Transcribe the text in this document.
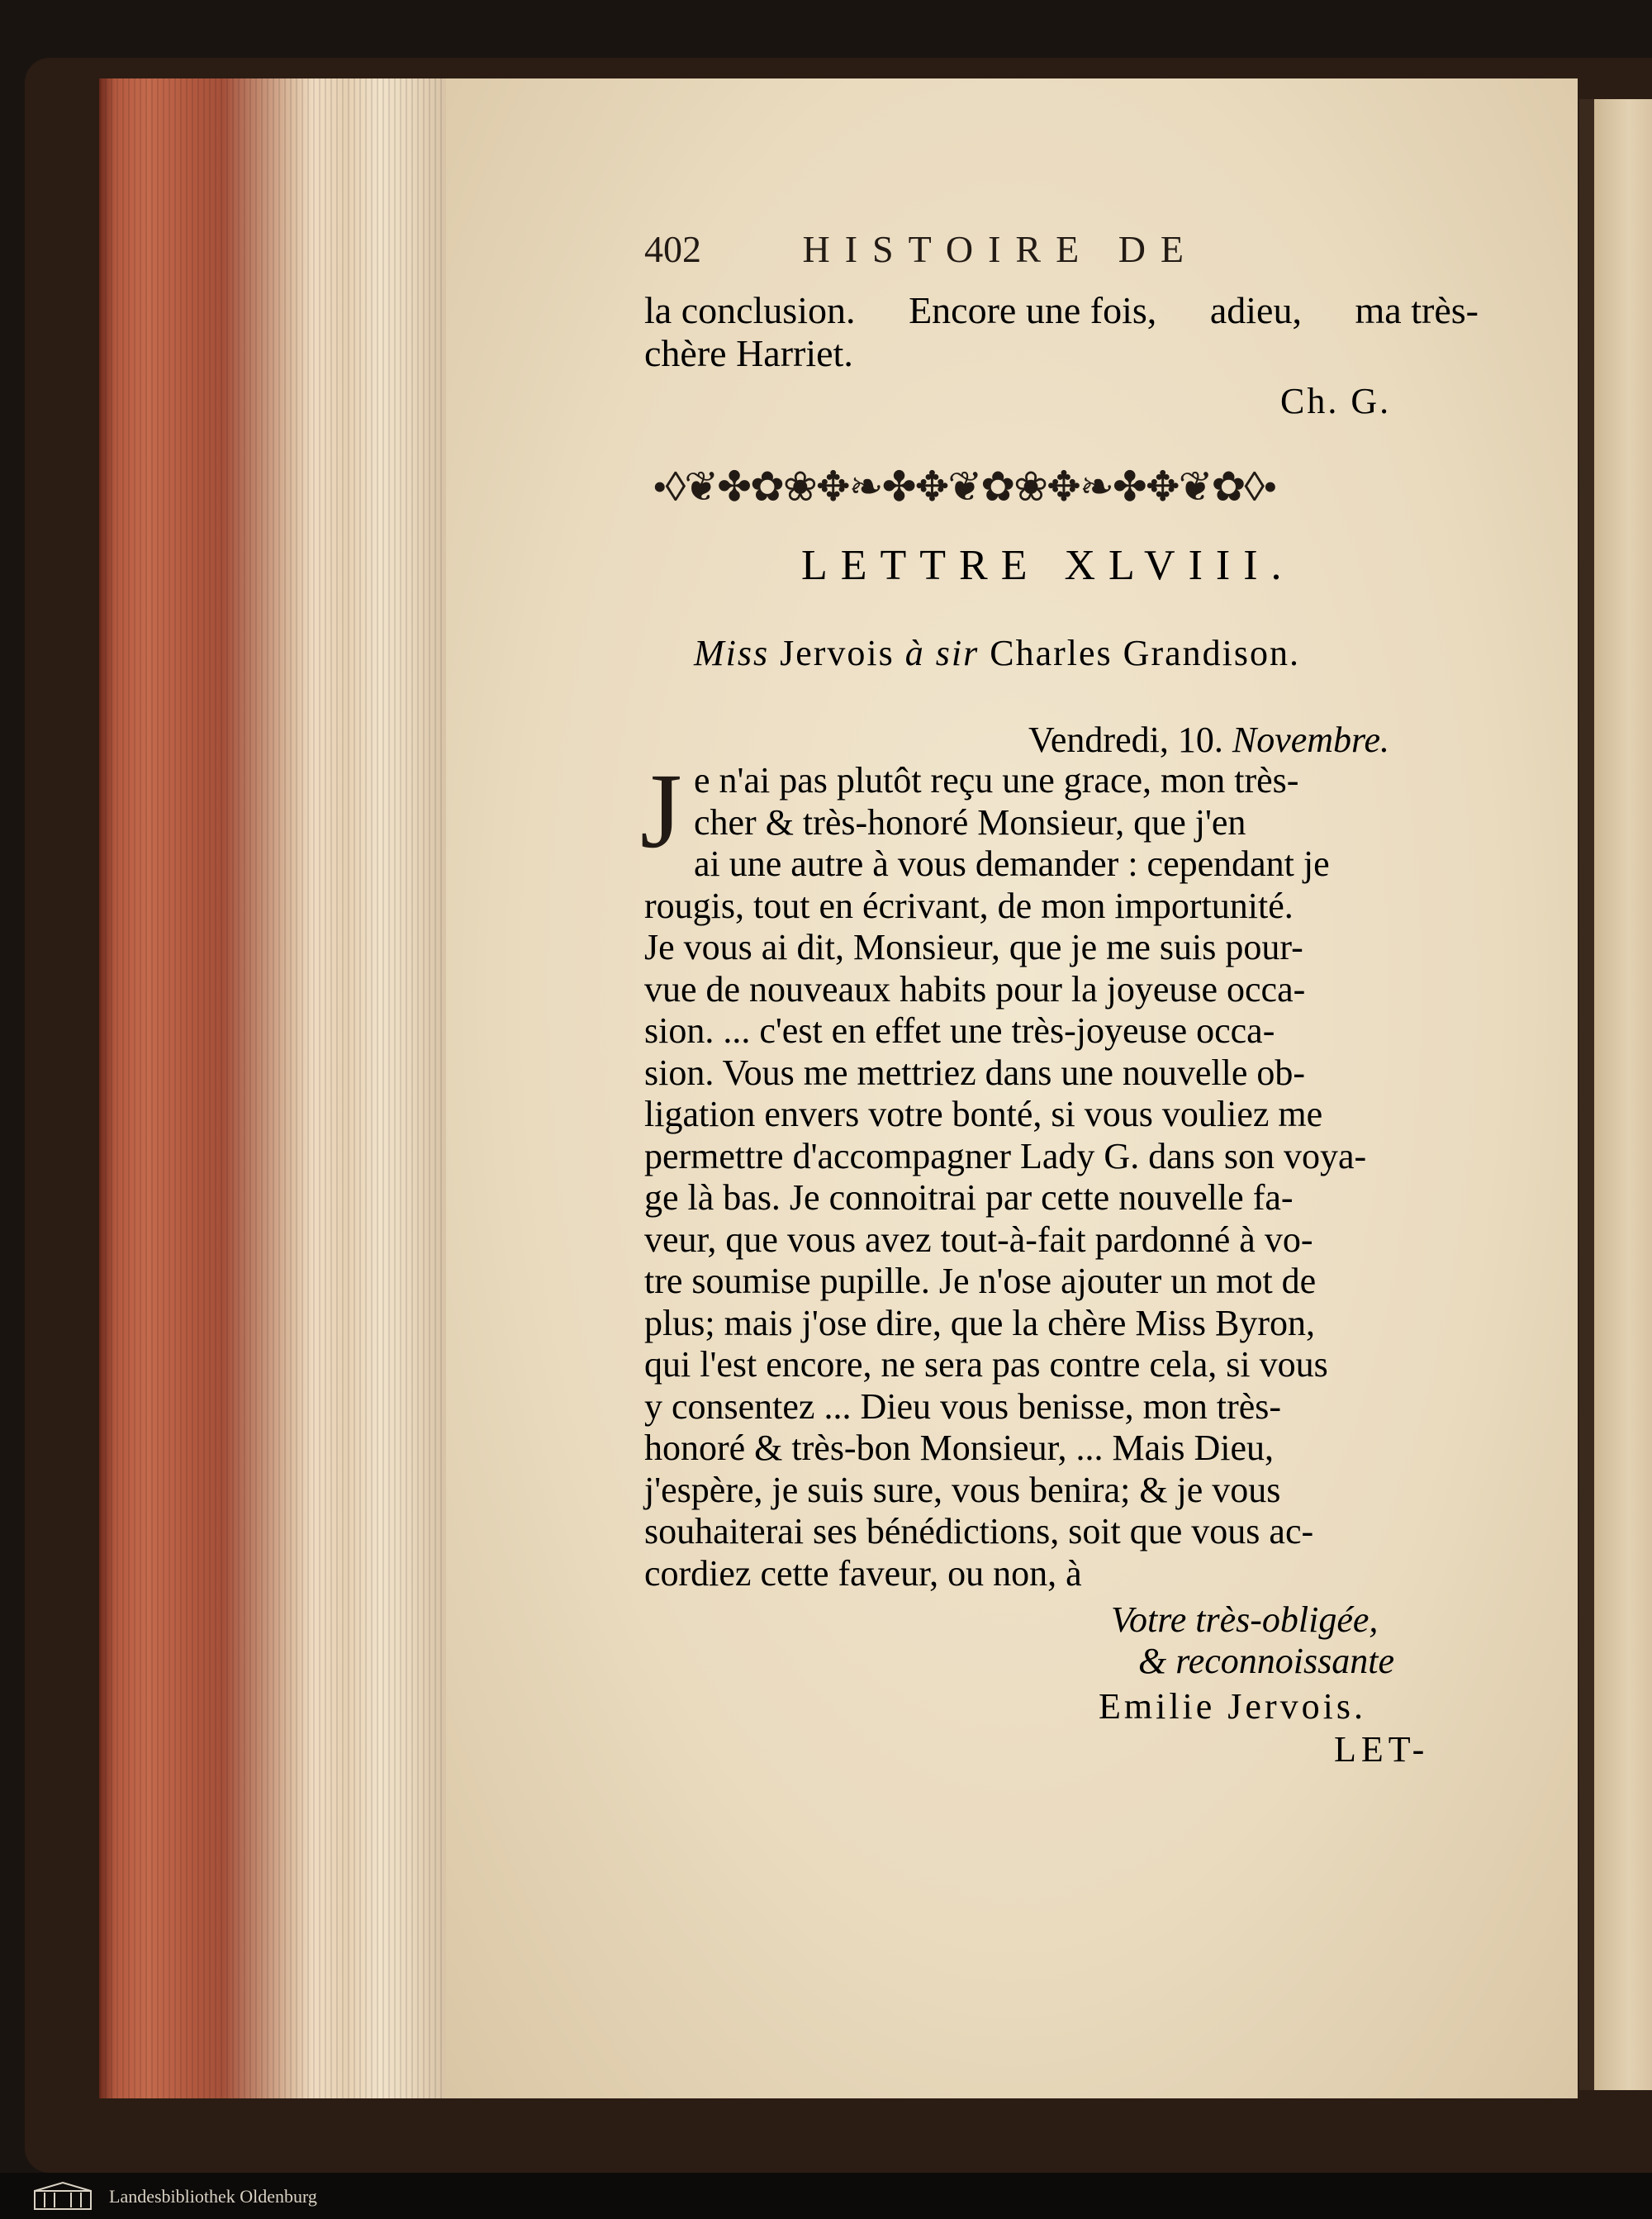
402	HISTOIRE DE
la conclusion. Encore une fois, adieu, ma très-
chère Harriet.
Ch. G.
•◊❦✤✿❀✥❧✤✥❦✿❀✥❧✤✥❦✿◊•
LETTRE XLVIII.
Miss Jervois à sir Charles Grandison.
Vendredi, 10. Novembre.
J e n'ai pas plutôt reçu une grace, mon très-
cher & très-honoré Monsieur, que j'en
ai une autre à vous demander : cependant je
rougis, tout en écrivant, de mon importunité.
Je vous ai dit, Monsieur, que je me suis pour-
vue de nouveaux habits pour la joyeuse occa-
sion. ... c'est en effet une très-joyeuse occa-
sion. Vous me mettriez dans une nouvelle ob-
ligation envers votre bonté, si vous vouliez me
permettre d'accompagner Lady G. dans son voya-
ge là bas. Je connoitrai par cette nouvelle fa-
veur, que vous avez tout-à-fait pardonné à vo-
tre soumise pupille. Je n'ose ajouter un mot de
plus; mais j'ose dire, que la chère Miss Byron,
qui l'est encore, ne sera pas contre cela, si vous
y consentez ... Dieu vous benisse, mon très-
honoré & très-bon Monsieur, ... Mais Dieu,
j'espère, je suis sure, vous benira; & je vous
souhaiterai ses bénédictions, soit que vous ac-
cordiez cette faveur, ou non, à
Votre très-obligée,
& reconnoissante
Emilie Jervois.
LET-
Landesbibliothek Oldenburg
